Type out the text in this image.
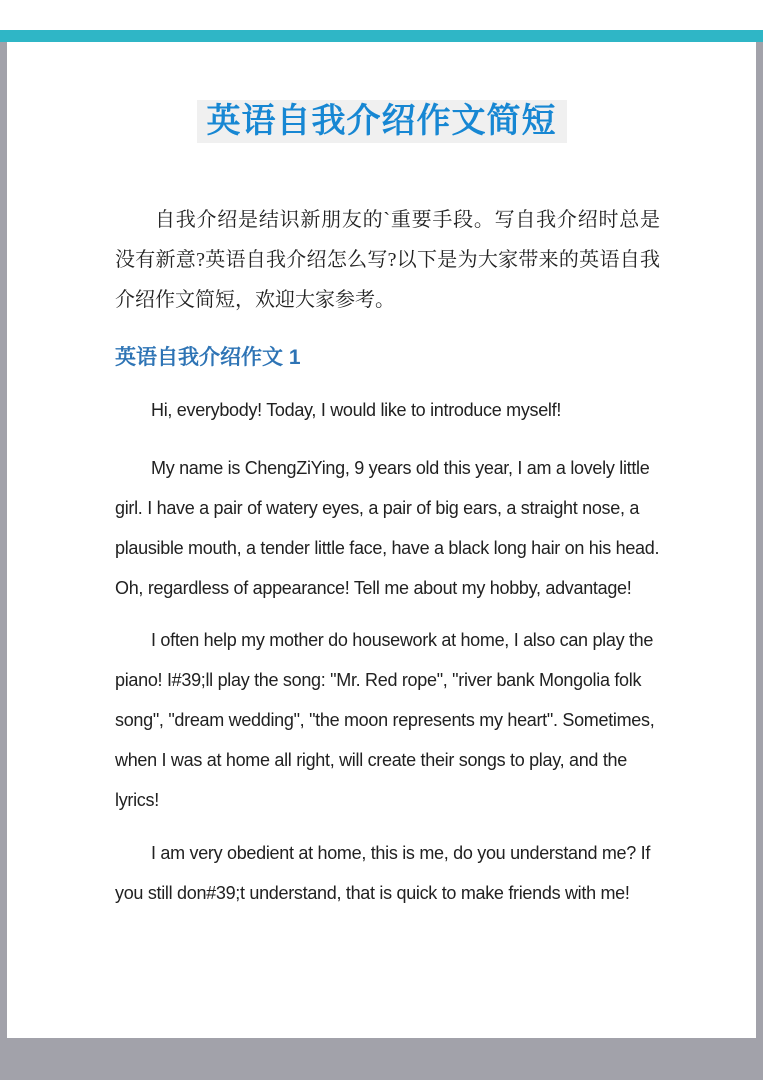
英语自我介绍作文简短

自我介绍是结识新朋友的`重要手段。写自我介绍时总是没有新意?英语自我介绍怎么写?以下是为大家带来的英语自我介绍作文简短，欢迎大家参考。

英语自我介绍作文 1

Hi, everybody! Today, I would like to introduce myself!

My name is ChengZiYing, 9 years old this year, I am a lovely little girl. I have a pair of watery eyes, a pair of big ears, a straight nose, a plausible mouth, a tender little face, have a black long hair on his head. Oh, regardless of appearance! Tell me about my hobby, advantage!

I often help my mother do housework at home, I also can play the piano! I#39;ll play the song: "Mr. Red rope", "river bank Mongolia folk song", "dream wedding", "the moon represents my heart". Sometimes, when I was at home all right, will create their songs to play, and the lyrics!

I am very obedient at home, this is me, do you understand me? If you still don#39;t understand, that is quick to make friends with me!
